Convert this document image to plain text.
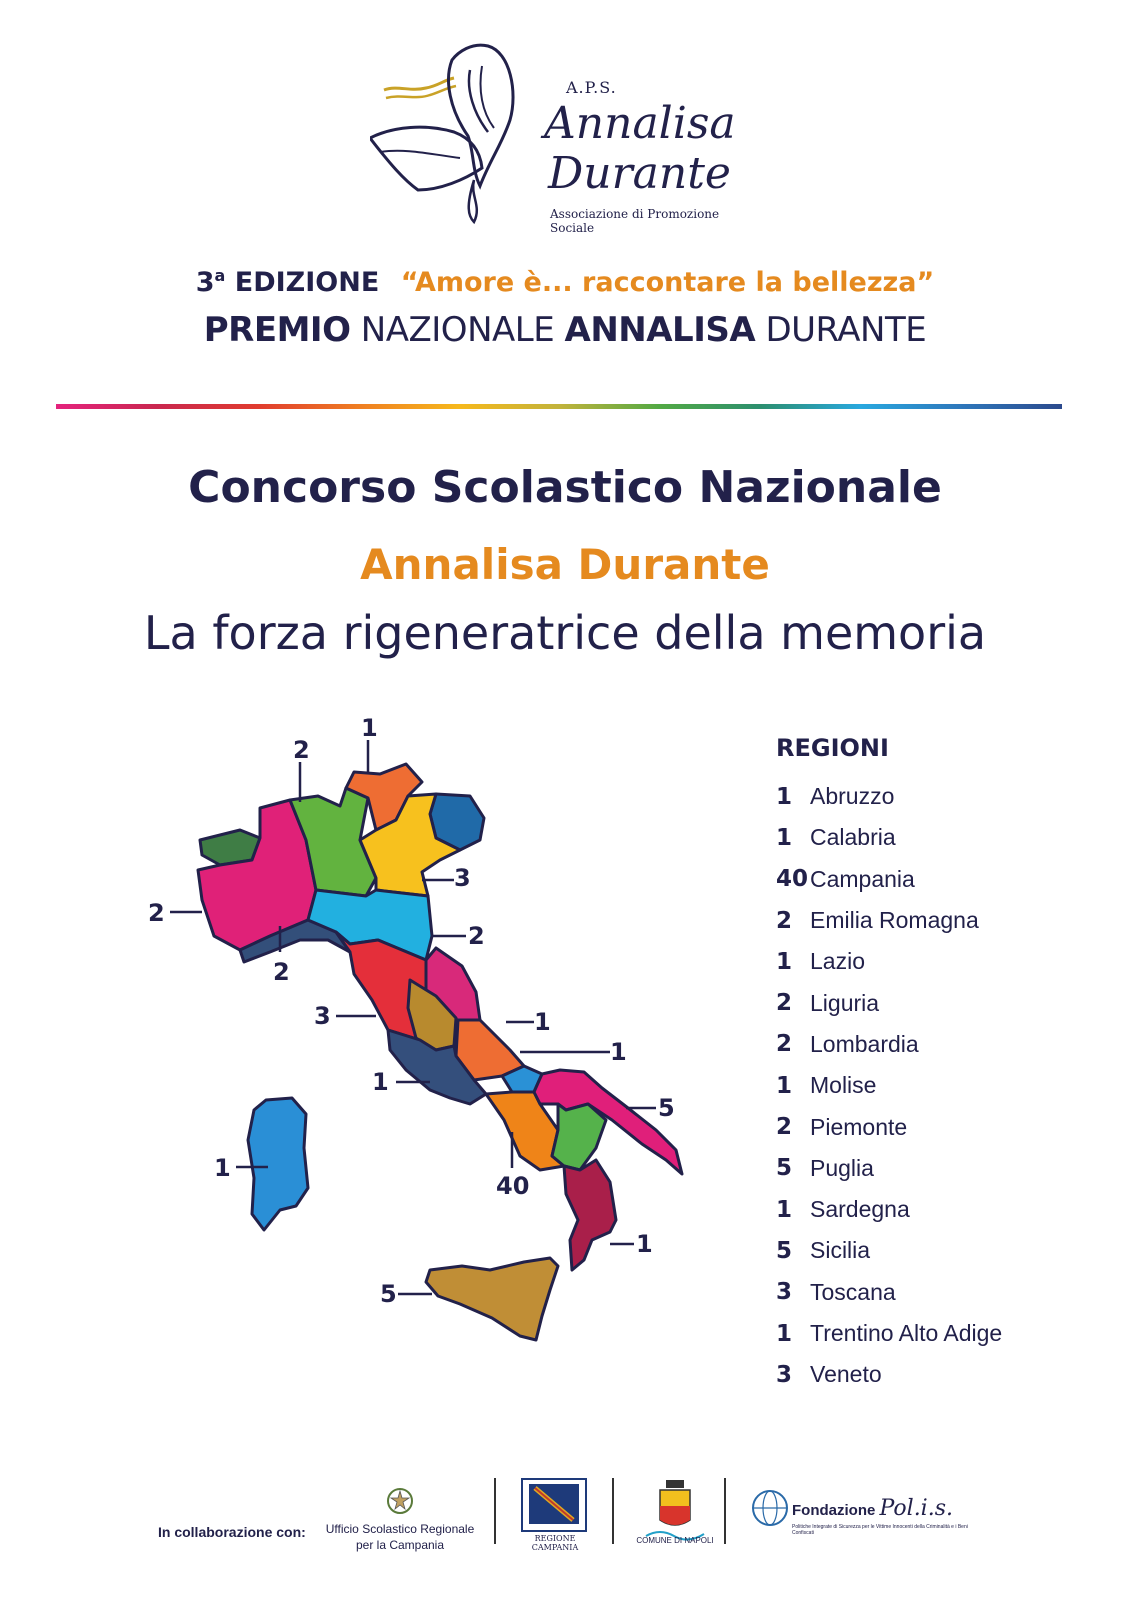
A.P.S.
Annalisa
Durante
Associazione di Promozione Sociale
3$^a$ EDIZIONE “Amore è... raccontare la bellezza”
PREMIO NAZIONALE ANNALISA DURANTE
Concorso Scolastico Nazionale
Annalisa Durante
La forza rigeneratrice della memoria
1
2
2
2
3
2
3	1
1
1
5
40
1
1
5
REGIONI
1 Abruzzo
1 Calabria
40 Campania
2 Emilia Romagna
1 Lazio
2 Liguria
2 Lombardia
1 Molise
2 Piemonte
5 Puglia
1 Sardegna
5 Sicilia
3 Toscana
1 Trentino Alto Adige
3 Veneto
In collaborazione con:	Ufficio Scolastico Regionale
per la Campania	REGIONE CAMPANIA
COMUNE DI NAPOLI
Fondazione Pol.i.s.
Politiche Integrate di Sicurezza per le Vittime Innocenti della Criminalità e i Beni Confiscati
